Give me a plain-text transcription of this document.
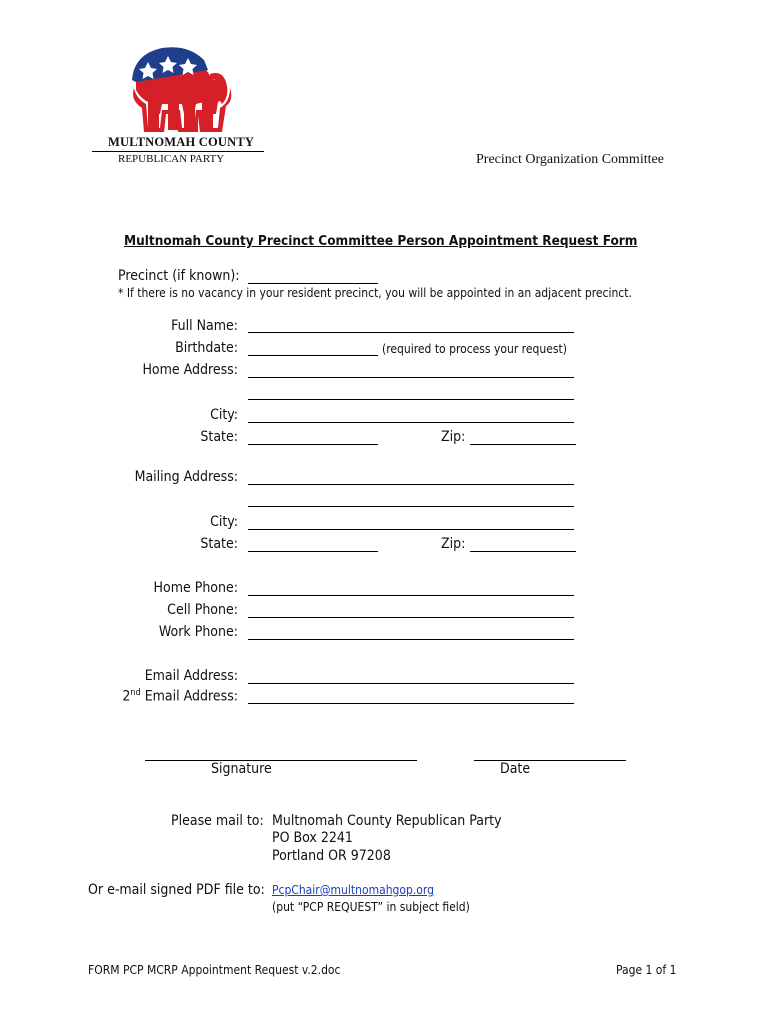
MULTNOMAH COUNTY
REPUBLICAN PARTY	Precinct Organization Committee
Multnomah County Precinct Committee Person Appointment Request Form
Precinct (if known):
* If there is no vacancy in your resident precinct, you will be appointed in an adjacent precinct.
Full Name:
Birthdate:	(required to process your request)
Home Address:
City:
State:	Zip:
Mailing Address:
City:
State:	Zip:
Home Phone:
Cell Phone:
Work Phone:
Email Address:
2nd Email Address:
Signature	Date
Please mail to: Multnomah County Republican Party
PO Box 2241
Portland OR 97208
Or e-mail signed PDF file to: PcpChair@multnomahgop.org
(put “PCP REQUEST” in subject field)
FORM PCP MCRP Appointment Request v.2.doc	Page 1 of 1
